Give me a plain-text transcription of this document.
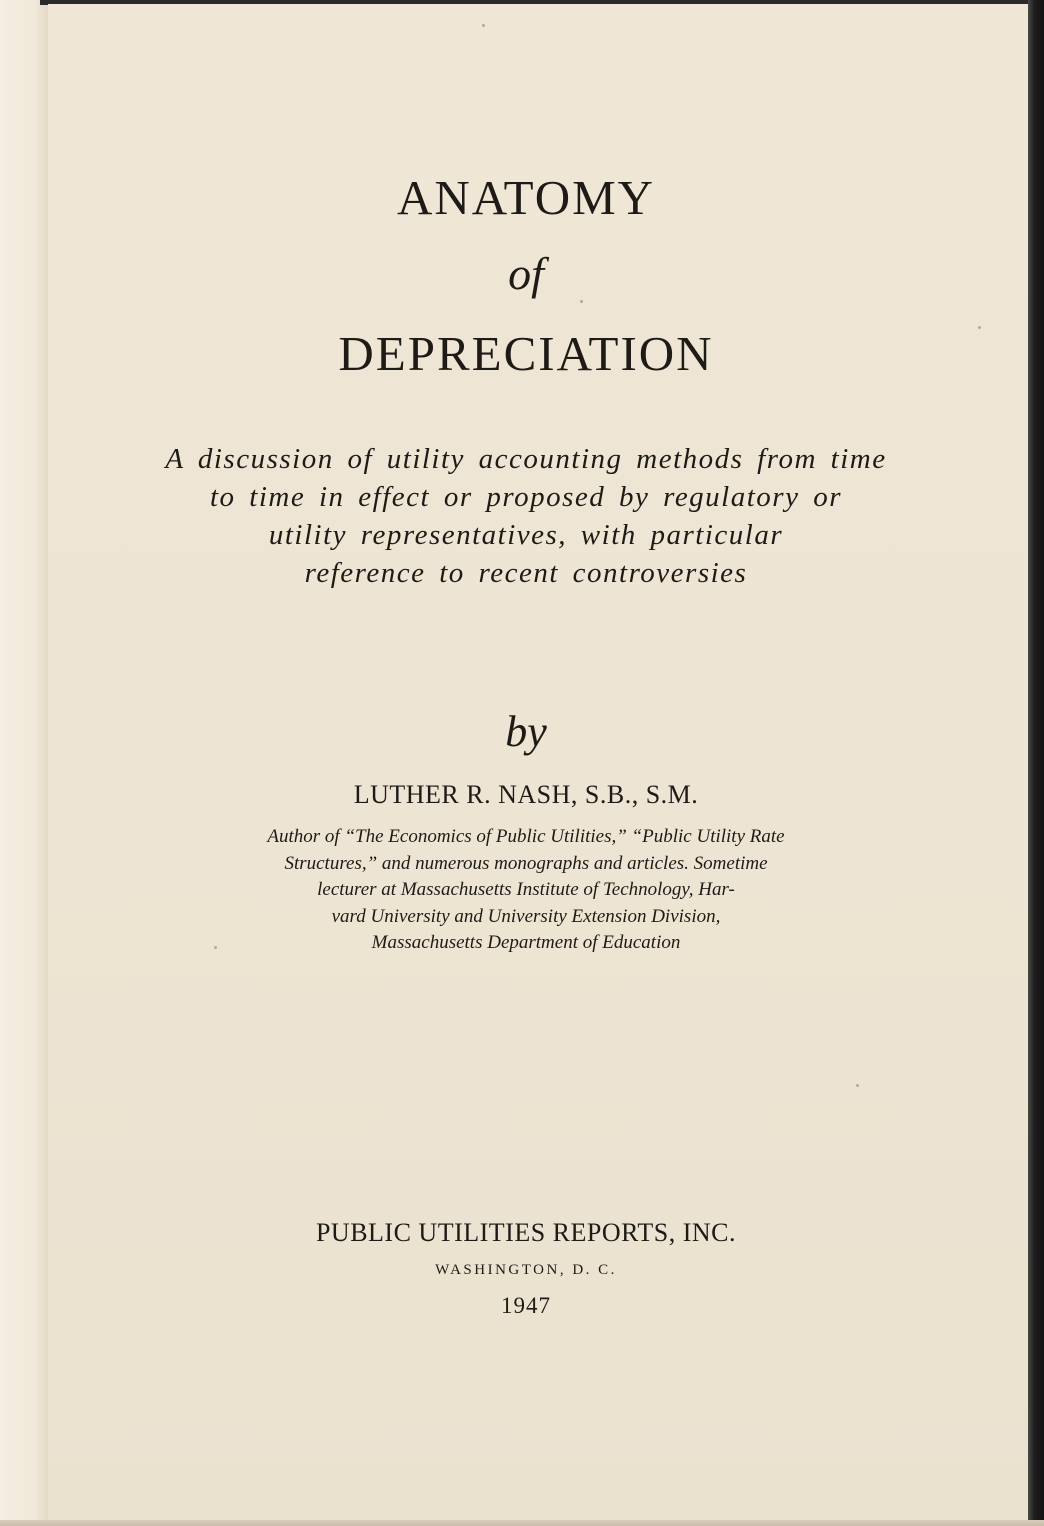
ANATOMY
of
DEPRECIATION
A discussion of utility accounting methods from time
to time in effect or proposed by regulatory or
utility representatives, with particular
reference to recent controversies
by
LUTHER R. NASH, S.B., S.M.
Author of “The Economics of Public Utilities,” “Public Utility Rate
Structures,” and numerous monographs and articles. Sometime
lecturer at Massachusetts Institute of Technology, Har-
vard University and University Extension Division,
Massachusetts Department of Education
PUBLIC UTILITIES REPORTS, INC.
WASHINGTON, D. C.
1947
